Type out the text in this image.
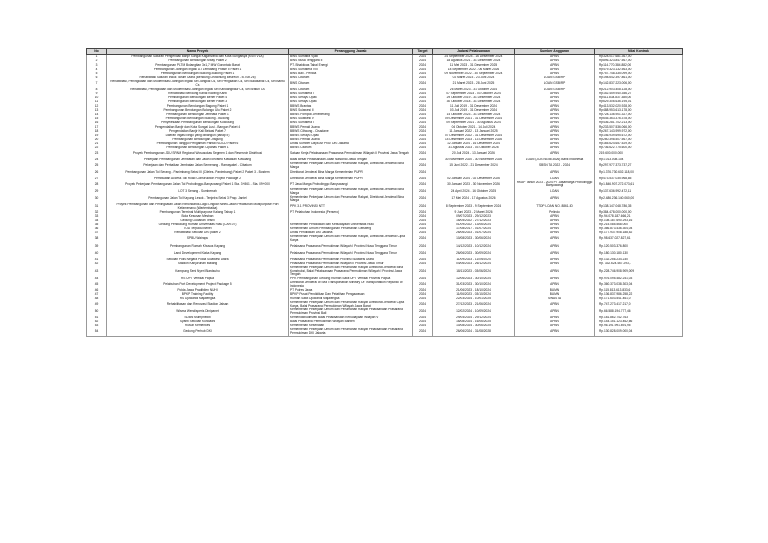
No	Nama Proyek	Penanggung Jawab	Target	Jadwal Pelaksanaan	Sumber Anggaran	Nilai Kontrak
1	Pembangunan Saluran Pengendali Banjir Sungai Kaganvaria dan Kota Sungaisya (KSN V1A)	BWS Sumatra Vjuik	2024	24 September 2024 - 16 Desember 2024	APBN	Rp328.017.681.367,00
2	Pembangunan Bendungan Mbay Paket 2	BWS Nusa Tenggara II	2024	18 Agustus 2021 - 31 Desember 2024	APBN	Rp896.323.847.567,00
3	Pembangunan PLTM Bolangitan 3x1,7 MW Gorontalo Barat	PT. Bhakticas Tabal Energi	2024	11 Mei 2023 - 31 Desember 2025	APBN	Rp114.770.384.882,00
4	Pembangunan Jaringan Irigasi D.I Lematang Phase II Paket 1	BWS Sumatera VIII	2024	18 September 2022 - 06 Maret 2026	APBN	Rp479.323.132.563,00
5	Pembangunan Bendungan Budong-Budong Paket 1	BWS Bali - Penida	2024	09 November 2022 - 30 September 2024	APBN	Rp757.748.335.099,00
6	Rehabilitasi Saluran Induk Tarum Utara (Bendung Leuwinung Beureuh - B.Tub.26)	BWS Citarum	2024	02 Maret 2023 - 23 Juni 2024	LOAN GSB/RP	Rp198.642.397.861,00
7	Rehabilitasi, Peningkatan dan Modernisasi Jaringan Irigasi Sei Jangkal Cs, Sei Pengkalan Cs, Sei Bukasanal Cs, Sei Bantu Cs	BWS Citarum	2024	21 Maret 2023 - 28 Juni 2025	LOAN GSB/RP	Rp142.837.223.006,00
8	Rehabilitasi, Peningkatan dan Modernisasi Jaringan Irigasi Sei Kandangbaur Cs, Sei Bratun Cs	BWS Citarum	2024	26 Maret 2023 - 31 Oktober 2024	LOAN GSB/RP	Rp212.903.408.128,00
9	Rehabilitasi Bendung Kanal Kiwang Kanti	BWS Sumatera I	2024	07 September 2023 - 03 Oktober 2024	APBN	Rp152.459.940.356,27
10	Pembangunan Bendungan Bener Paket 4	BWS Serayu Opak	2024	29 Oktober 2019 - 31 Desember 2024	APBN	Rp411.834.837.385,00
11	Pembangunan Bendungan Bener Paket 3	BWS Serayu Opak	2024	30 Oktober 2018 - 31 Desember 2024	APBN	Rp629.306.636.195,01
12	Pembangunan Bendungan Bagong Paket 1	BBWS Brantas	2024	11 Juli 2019 - 31 Desember 2024	APBN	Rp413.532.020.928,00
13	Pembangunan Bendungan Bolango Ulu Paket 2	BWS Sulawesi II	2024	03 Juli 2019 - 31 Desember 2024	APBN	Rp488.953.613.178,00
14	Pembangunan Bendungan Jenelata Paket 1	BBWS Pompoli Jeneberang	2024	14 Oktober 2023 - 31 Desember 2024	APBN	Rp728.136.901.327,00
15	Pembangunan Bendungan Budong - Budong	BWS Sulawesi V	2024	09 Desember 2021 - 31 Desember 2024	APBN	Rp645.363.376.378,00
16	Penyelesaian Pembangunan Bendungan Kuwulung	BWS Sumatera I	2024	09 September 2021 - 30 Agustus 2024	APBN	Rp436.281.702.213,00
17	Pengendalian Banjir dan Kota Sungai Lusi - Bangun Paket 4	BBWS Pemali Juana	2024	04 Oktober 2021 - 14 Juli 2024	APBN	Rp233.507.536.066,00
18	Pengendalian Banjir Kali Bekasi Paket 7	BBWS Ciliwung - Cisadane	2024	11 Januari 2022 - 13 Januari 2025	APBN	Rp267.143.999.972,00
19	Daerah Irigasi Ilingo yang dibangun (tahap II)	BBWS Serayu Opak	2024	07 Desember 2022 - 31 Desember 2024	APBN	Rp146.939.695.672,00
20	Pembangunan Bendungan Jragung	BBWS Pemali Juana	2024	14 Desember 2023 - 13 Desember 2026	APBN	Rp260.398.507.567,00
21	Pembangunan Tanggul Pengaman Pantai NCICD Paket 6	Dinas Sumber Daya Air Prov. DKI Jakarta	2024	12 Januari 2024 - 16 Desember 2024	APBN	Rp165.624.657.529,00
22	Pembangunan Bendungan Cipanas Paket 1	BBWS Citarum	2024	31 Agustus 2023 - 03 Oktober 2026	APBN	Rp736.622.775.600,00
23	Proyek Pembangunan JDU SPAM Regional Wosusokas Segmen 1 dan Reservoir Distribusi	Satuan Kerja Pelaksanaan Prasarana Permukiman Wilayah II Provinsi Jawa Tengah	2024	20 Juli 2024 - 13 Januari 2026	APBN	219.600.000.000
24	Pekerjaan Pembangunan Jembatan dan Jalan Elevated Kawasan Kuwuang	Balai Besar Pelaksanaan Jalan Nasional Jawa Tengah	2024	30 November 2020 - 30 November 2026	LOAN (JCB No.IB/3526) Bank Indonesia	Rp1.013.008.104
25	Pekerjaan dan Perbaikan Jembatan Jalan Semerang - Ramayakel - Cibatum	Kementerian Pekerjaan Umum dan Perumahan Rakyat, Direktorat Jenderal Bina Marga	2024	15 Juni 2022 - 21 Desember 2024	SBSN TA 2022 - 2024	Rp297.977.373.737,27
26	Pembangunan Jalan Tol Serang - Panimbang Seksi III (Cileles- Panimbang) Paket 2 Paket 3 - Bostern	Direktorat Jenderal Bina Marga Kementerian PUPR	2024		APBN	Rp1.376.730.602.118,00
27	Pembuatan Access Toll Road Construction Project Package 2	Direktorat Jenderal Bina Marga Kementerian PUPR	2024	02 Januari 2024 - 02 Desember 2026	LOAN	Rp473.537.035.968,85
28	Proyek Pekerjaan Pembangunan Jalan Tol Probolinggo-Banyuwangi Paket 1 Sta. 3+861 - Sta. 09+000	PT Jasa Marga Probolinggo Banyuwangi	2024	30 Januari 2023 - 30 November 2026	RKAP Tahun 2023 - 2024 PT Jasamarga Probolinggo Banyuwangi	Rp1.846.907.272.073,61
29	LOT 3 Serang - Sumberrah	Kementerian Pekerjaan Umum dan Perumahan Rakyat, Direktorat Jenderal Bina Marga	2024	24 April 2024 - 16 Oktober 2025	LOAN	Rp137.636.992.472,11
30	Pembangunan Jalan Tol Kayung Lesok - Tenjelra Seksi 3 Prap. Jantel	Kementerian Pekerjaan Umum dan Perumahan Rakyat, Direktorat Jenderal Bina Marga	2024	17 Mei 2024 - 17 Agustus 2026	APBN	Rp2.486.236.140.060,00
31	Proyek Pembangunan dan Peningkatan Jalan Rimondandi-Lago Lingkar Ninek-Jalan Pelabuhan Multipurpose Port Kefamenanu (Wartembaika)	PPK 3.1 PROVINSI NTT	2024	8 September 2023 - 9 September 2024	TTDP LOAN NO. 8861-ID	Rp138.147.048.786,35
32	Pembangunan Terminal Multipurpose Kalang Tahap 1	PT Pelabuhan Indonesia (Persero)	2024	9 Juni 2023 - 2 Maret 2026	Pelindo	Rp384.478.000.000,00
33	Bola Kesusan Mesban		2024	09/07/2023 - 29/12/2023	APBN	Rp.94.078.187.666,21
34	Gedung Gudanan Tesini		2024	16/05/2022 - 27/12/2023	APBN	Rp.108.187.690.293,16
35	Gedung Pendukung Rumah Universitas Riau (CAR.07)	Kementerian Pendidikan dan Kebudayaan Universitas Riau	2024	01/09/2022 - 13/06/2024	APBN	Rp.215.085.568.000
36	TOD Terpadu Benel	Kementerian Umum Pembangunan Perumahan Gelsberg	2024	17/08/2017 - 01/07/2024	APBN	Rp.366.873.436.304,04
37	Rehabilitasi Sekolah DKI paket 2	Dinas Pendidikan DKI Jakarta	2024	26/06/2023 - 01/07/2024	APBN	Rp.177.937.908.188,52
38	SPBU Wairapu	Kementerian Pekerjaan Umum dan Perumahan Rakyat, Direktorat Jenderal Cipta Karya	2024	10/08/2023 - 30/06/2024	APBN	Rp.98.637.027.827,61
39	Pembangunan Rumah Khusus Kayang	Pelaksana Prasarana Permukiman Wilayah I Provinsi Nusa Tenggara Timur	2024	14/12/2023 - 10/12/2024	APBN	Rp.120.503.376.800
40	Land Development Klaka Kayang	Pelaksana Prasarana Permukiman Wilayah I Provinsi Nusa Tenggara Timur	2024	26/06/2023 - 30/09/2024	APBN	Rp.180.130.180.130
41	Sekolah Polis Negara Polda Sulawesi Utara	Pelaksana Prasarana Permukiman Provinsi Sulawesi Utara	2024	11/09/2023 - 11/09/2024	APBN	Rp.132.256.234.230
42	Stadion Kanjuruhan Malang	Pelaksana Prasarana Permukiman Wilayah II Provinsi Jawa Timur	2024	04/06/2023 - 26/12/2024	APBN	Rp. 332.624.467.293,-
43	Kampung Seni Nyeri Biardsuhu	Kementerian Pekerjaan Umum dan Perumahan Rakyat Direktorat Jenderal Bina Konstruksi, Balai Pelaksanaan Prasarana Permukiman Wilayah I Provinsi Jawa Tengah	2024	18/11/2023 - 03/06/2024	APBN	Rp.228.746.908.909,009
44	RS UPT Vertikal Papua	PPK Pembangunan Gedung Rumah Sakit UPT Vertikal Provinsi Papua	2024	12/06/2023 - 30/10/2024	APBN	Rp.976.095.482.241,03
45	Pelabuhan Port Development Project Package 5	Direktorat Jenderal of Sea Transportation Ministry Of Transportation Republic of Indonesia	2024	31/03/2023 - 30/10/2024	APBN	Rp.360.373.038.303,04
46	Polda Jawa Pradibilen NUHI	PT Polres Jawa	2024	21/06/2023 - 18/10/2024	BUMN	Rp.115.813.613.833,6
47	BPKP Training Facility	BPKP Pusat Pendidikan Dan Pelatihan Pengawasan	2024	11/06/2023 - 03/10/2024	BUMN	Rp.136.837.986.258,22
48	RS Djuwandi Majalengka	Rumah Sakit Djuwandi Majalengka	2024	22/03/2024 - 10/01/2025	SWASTA	Rp.171.603.541.461,0
49	Rehabilitasan dan Renovasi Stadion Jalsan	Kementerian Pekerjaan Umum dan Perumahan Rakyat Direktorat Jenderal Cipta Karya, Balai Prasarana Permukiman Wilayah Jawa Barat	2024	27/12/2023 - 21/06/2024	APBN	Rp.747.273.417.217,0
50	Wisma Wendisperis Dinipanet	Kementerian Pekerjaan Umum dan Perumahan Rakyat Pelaksanaan Prasarana Permukiman Provinsi Bali	2024	12/02/2024 - 10/09/2024	APBN	Rp.66.588.194.777,46
51	SDBN Mumpnediti	Kemendikbudristek Balai Pelaksanaan Kebudayaan Wilayah V	2024	29/04/2024 - 29/12/2024	APBN	Rp.181.862.742.763
52	Syariti Sekolah Kundalini	Balai Prasarana Permukiman Wilayah Banten	2024	16/08/2024 - 16/06/2025	APBN	Rp.144.151.123.462,66
53	Rusun Kemenkes	Kementerian Kesehatan	2024	10/08/2024 - 30/06/2025	APBN	Rp.96.191.991.891,95
54	Gedung Perhub DKI	Kementerian Pekerjaan Umum dan Perumahan Rakyat Pelaksanaan Prasarana Permukiman DKI Jakarta	2024	26/06/2024 - 31/08/2028	APBN	Rp.130.828.009.000,04
